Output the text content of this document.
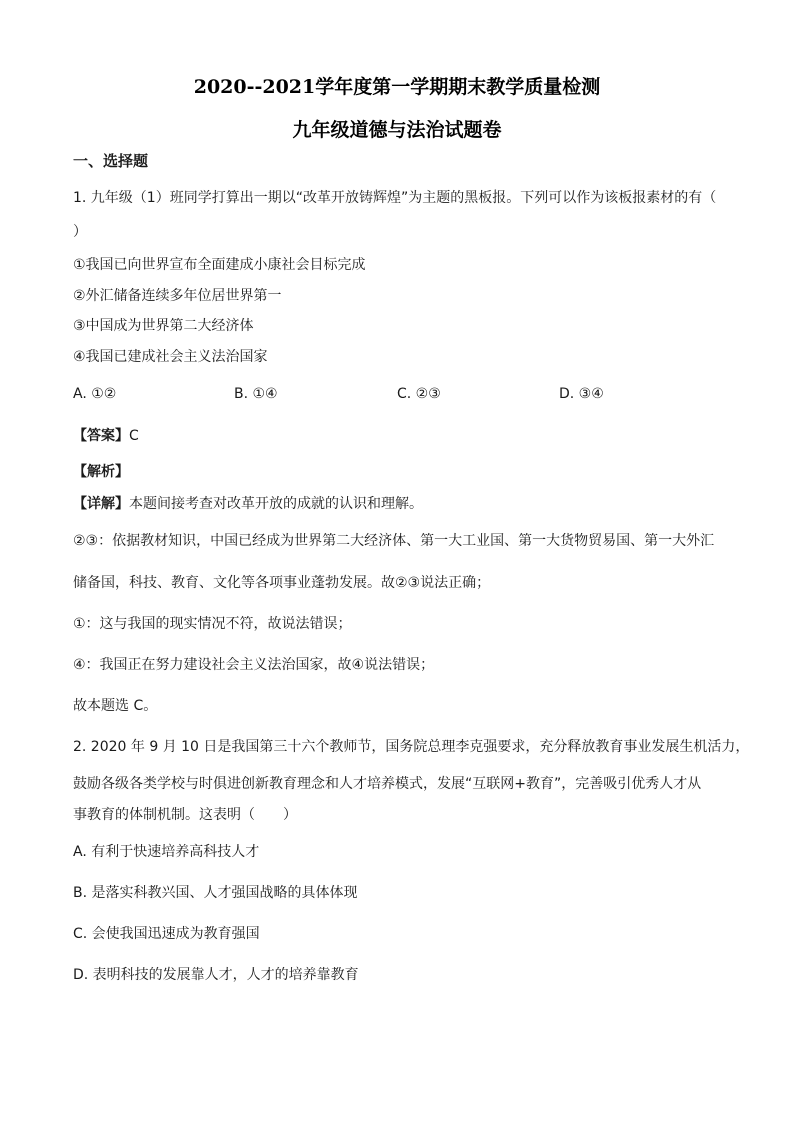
2020--2021学年度第一学期期末教学质量检测
九年级道德与法治试题卷
一、选择题
1. 九年级（1）班同学打算出一期以“改革开放铸辉煌”为主题的黑板报。下列可以作为该板报素材的有（
）
①我国已向世界宣布全面建成小康社会目标完成
②外汇储备连续多年位居世界第一
③中国成为世界第二大经济体
④我国已建成社会主义法治国家
A. ①②	B. ①④	C. ②③	D. ③④
【答案】C
【解析】
【详解】本题间接考查对改革开放的成就的认识和理解。
②③：依据教材知识，中国已经成为世界第二大经济体、第一大工业国、第一大货物贸易国、第一大外汇
储备国，科技、教育、文化等各项事业蓬勃发展。故②③说法正确；
①：这与我国的现实情况不符，故说法错误；
④：我国正在努力建设社会主义法治国家，故④说法错误；
故本题选 C。
2. 2020 年 9 月 10 日是我国第三十六个教师节，国务院总理李克强要求，充分释放教育事业发展生机活力，
鼓励各级各类学校与时俱进创新教育理念和人才培养模式，发展“互联网+教育”，完善吸引优秀人才从
事教育的体制机制。这表明（　　）
A. 有利于快速培养高科技人才
B. 是落实科教兴国、人才强国战略的具体体现
C. 会使我国迅速成为教育强国
D. 表明科技的发展靠人才，人才的培养靠教育
